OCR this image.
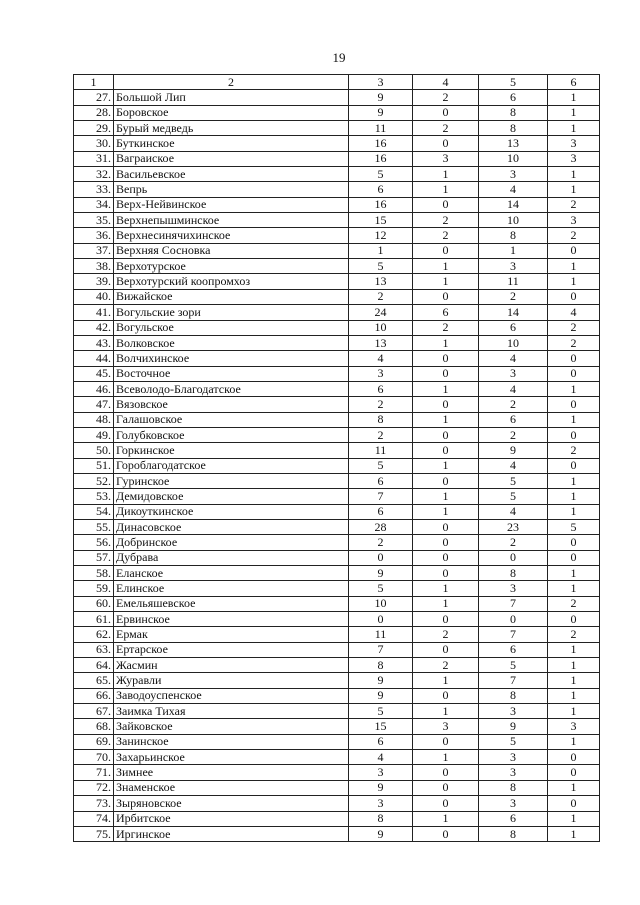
19
1	2	3	4	5	6
27.	Большой Лип	9	2	6	1
28.	Боровское	9	0	8	1
29.	Бурый медведь	11	2	8	1
30.	Буткинское	16	0	13	3
31.	Ваграиское	16	3	10	3
32.	Васильевское	5	1	3	1
33.	Вепрь	6	1	4	1
34.	Верх-Нейвинское	16	0	14	2
35.	Верхнепышминское	15	2	10	3
36.	Верхнесинячихинское	12	2	8	2
37.	Верхняя Сосновка	1	0	1	0
38.	Верхотурское	5	1	3	1
39.	Верхотурский коопромхоз	13	1	11	1
40.	Вижайское	2	0	2	0
41.	Вогульские зори	24	6	14	4
42.	Вогульское	10	2	6	2
43.	Волковское	13	1	10	2
44.	Волчихинское	4	0	4	0
45.	Восточное	3	0	3	0
46.	Всеволодо-Благодатское	6	1	4	1
47.	Вязовское	2	0	2	0
48.	Галашовское	8	1	6	1
49.	Голубковское	2	0	2	0
50.	Горкинское	11	0	9	2
51.	Гороблагодатское	5	1	4	0
52.	Гуринское	6	0	5	1
53.	Демидовское	7	1	5	1
54.	Дикоуткинское	6	1	4	1
55.	Динасовское	28	0	23	5
56.	Добринское	2	0	2	0
57.	Дубрава	0	0	0	0
58.	Еланское	9	0	8	1
59.	Елинское	5	1	3	1
60.	Емельяшевское	10	1	7	2
61.	Ервинское	0	0	0	0
62.	Ермак	11	2	7	2
63.	Ертарское	7	0	6	1
64.	Жасмин	8	2	5	1
65.	Журавли	9	1	7	1
66.	Заводоуспенское	9	0	8	1
67.	Заимка Тихая	5	1	3	1
68.	Зайковское	15	3	9	3
69.	Занинское	6	0	5	1
70.	Захарьинское	4	1	3	0
71.	Зимнее	3	0	3	0
72.	Знаменское	9	0	8	1
73.	Зыряновское	3	0	3	0
74.	Ирбитское	8	1	6	1
75.	Иргинское	9	0	8	1
